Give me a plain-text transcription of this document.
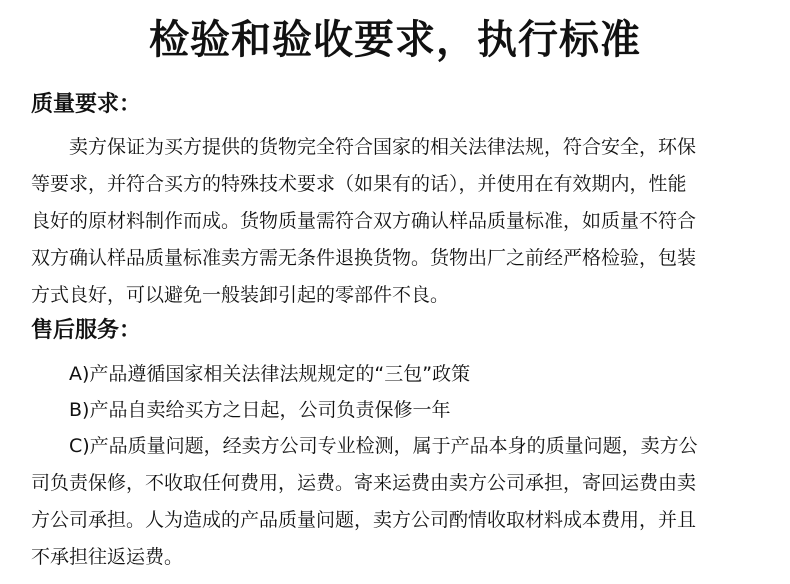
检验和验收要求，执行标准
质量要求：
卖方保证为买方提供的货物完全符合国家的相关法律法规，符合安全，环保
等要求，并符合买方的特殊技术要求（如果有的话），并使用在有效期内，性能
良好的原材料制作而成。货物质量需符合双方确认样品质量标准，如质量不符合
双方确认样品质量标准卖方需无条件退换货物。货物出厂之前经严格检验，包装
方式良好，可以避免一般装卸引起的零部件不良。
售后服务：
A)产品遵循国家相关法律法规规定的“三包”政策
B)产品自卖给买方之日起，公司负责保修一年
C)产品质量问题，经卖方公司专业检测，属于产品本身的质量问题，卖方公
司负责保修，不收取任何费用，运费。寄来运费由卖方公司承担，寄回运费由卖
方公司承担。人为造成的产品质量问题，卖方公司酌情收取材料成本费用，并且
不承担往返运费。
